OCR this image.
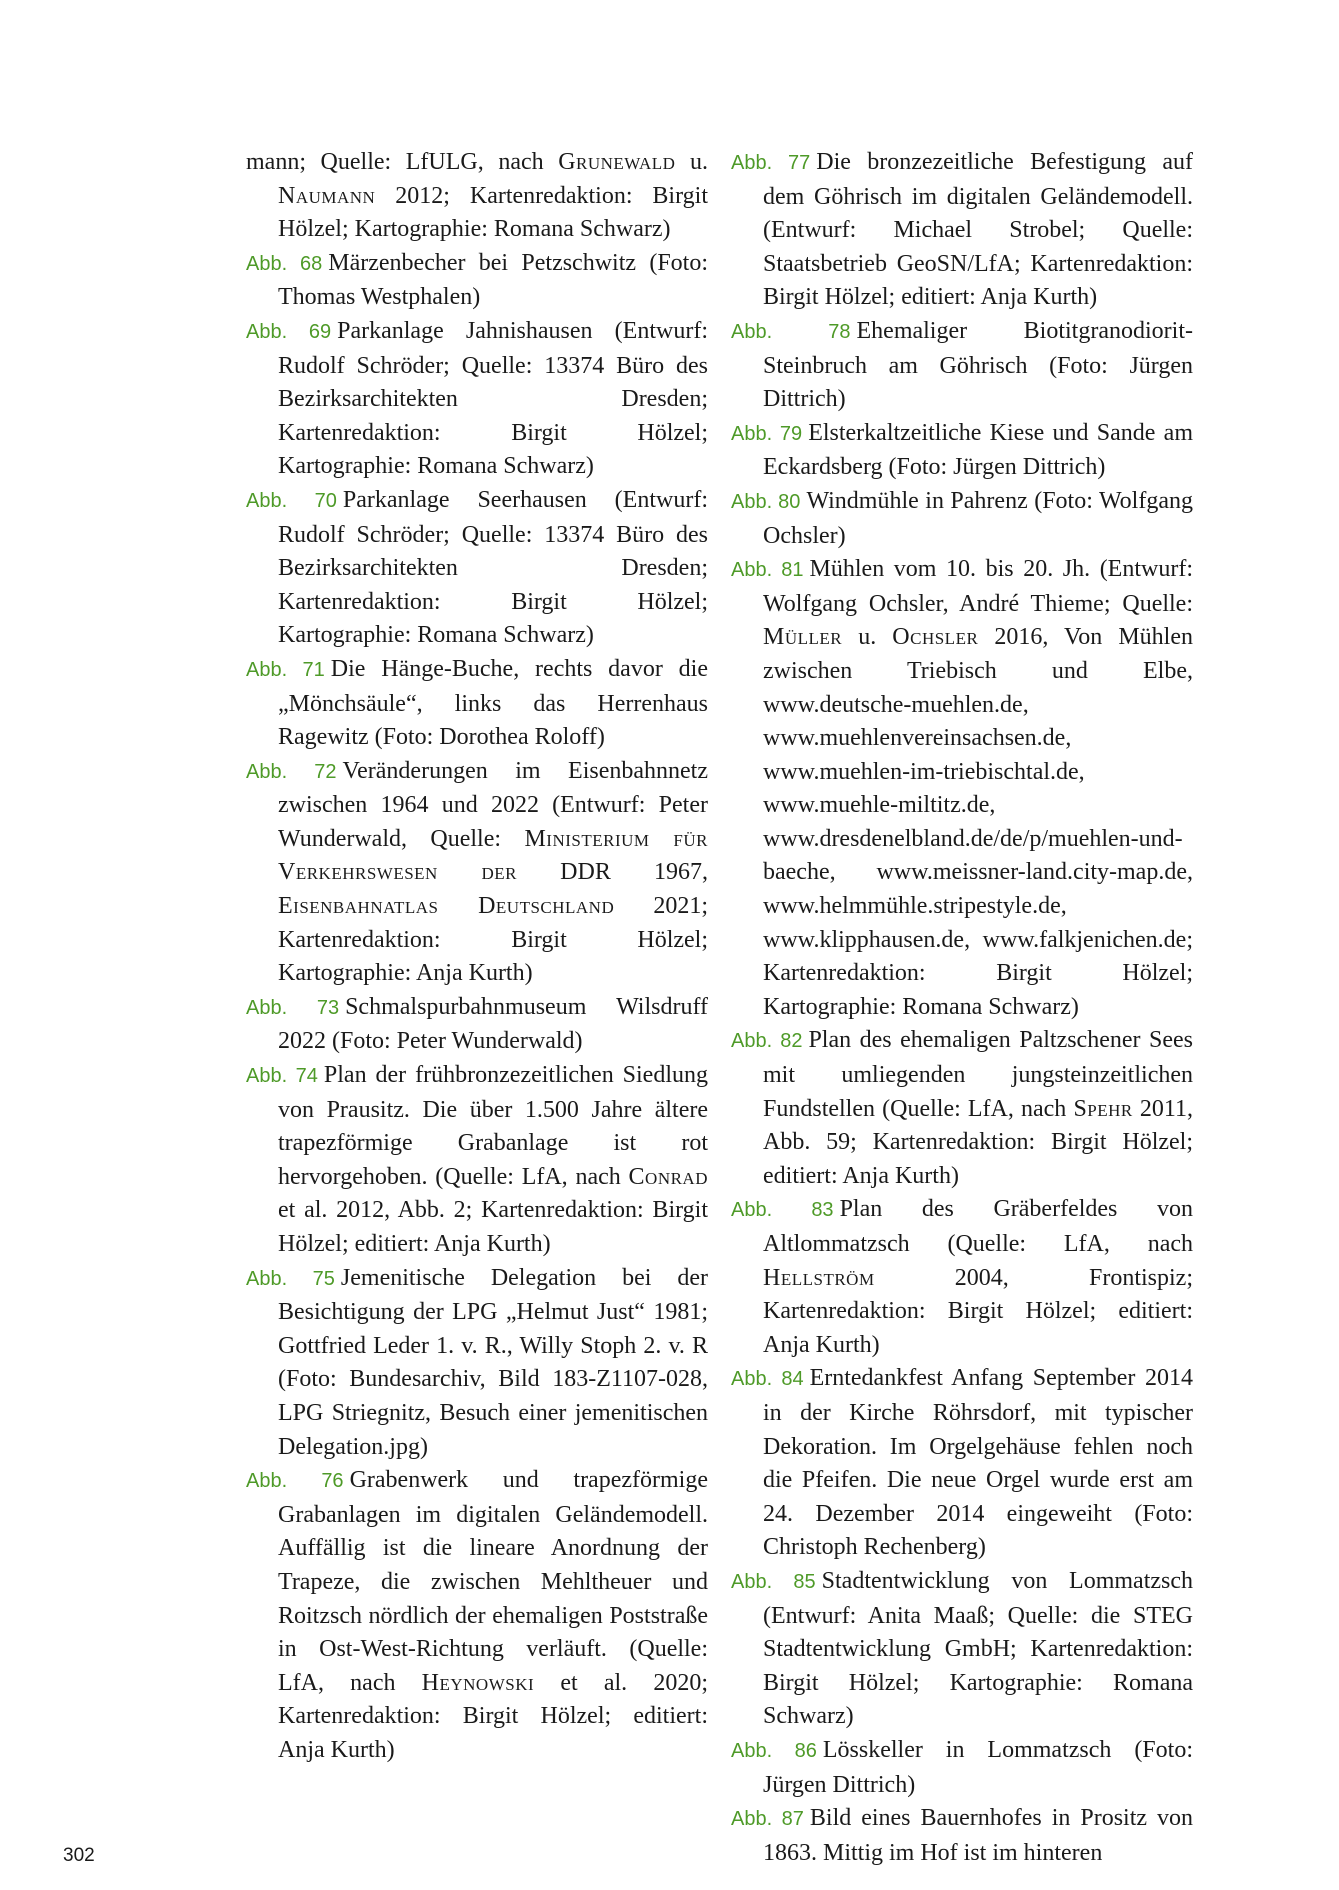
mann; Quelle: LfULG, nach Grunewald u. Naumann 2012; Kartenredaktion: Birgit Hölzel; Kartographie: Romana Schwarz)

Abb. 68 Märzenbecher bei Petzschwitz (Foto: Thomas Westphalen)

Abb. 69 Parkanlage Jahnishausen (Entwurf: Rudolf Schröder; Quelle: 13374 Büro des Bezirksarchitekten Dresden; Kartenredaktion: Birgit Hölzel; Kartographie: Romana Schwarz)

Abb. 70 Parkanlage Seerhausen (Entwurf: Rudolf Schröder; Quelle: 13374 Büro des Bezirksarchitekten Dresden; Kartenredaktion: Birgit Hölzel; Kartographie: Romana Schwarz)

Abb. 71 Die Hänge-Buche, rechts davor die „Mönchsäule“, links das Herrenhaus Ragewitz (Foto: Dorothea Roloff)

Abb. 72 Veränderungen im Eisenbahnnetz zwischen 1964 und 2022 (Entwurf: Peter Wunderwald, Quelle: Ministerium für Verkehrswesen der DDR 1967, Eisenbahnatlas Deutschland 2021; Kartenredaktion: Birgit Hölzel; Kartographie: Anja Kurth)

Abb. 73 Schmalspurbahnmuseum Wilsdruff 2022 (Foto: Peter Wunderwald)

Abb. 74 Plan der frühbronzezeitlichen Siedlung von Prausitz. Die über 1.500 Jahre ältere trapezförmige Grabanlage ist rot hervorgehoben. (Quelle: LfA, nach Conrad et al. 2012, Abb. 2; Kartenredaktion: Birgit Hölzel; editiert: Anja Kurth)

Abb. 75 Jemenitische Delegation bei der Besichtigung der LPG „Helmut Just“ 1981; Gottfried Leder 1. v. R., Willy Stoph 2. v. R (Foto: Bundesarchiv, Bild 183-Z1107-028, LPG Striegnitz, Besuch einer jemenitischen Delegation.jpg)

Abb. 76 Grabenwerk und trapezförmige Grabanlagen im digitalen Geländemodell. Auffällig ist die lineare Anordnung der Trapeze, die zwischen Mehltheuer und Roitzsch nördlich der ehemaligen Poststraße in Ost-West-Richtung verläuft. (Quelle: LfA, nach Heynowski et al. 2020; Kartenredaktion: Birgit Hölzel; editiert: Anja Kurth)

Abb. 77 Die bronzezeitliche Befestigung auf dem Göhrisch im digitalen Geländemodell. (Entwurf: Michael Strobel; Quelle: Staatsbetrieb GeoSN/LfA; Kartenredaktion: Birgit Hölzel; editiert: Anja Kurth)

Abb. 78 Ehemaliger Biotitgranodiorit-Steinbruch am Göhrisch (Foto: Jürgen Dittrich)

Abb. 79 Elsterkaltzeitliche Kiese und Sande am Eckardsberg (Foto: Jürgen Dittrich)

Abb. 80 Windmühle in Pahrenz (Foto: Wolfgang Ochsler)

Abb. 81 Mühlen vom 10. bis 20. Jh. (Entwurf: Wolfgang Ochsler, André Thieme; Quelle: Müller u. Ochsler 2016, Von Mühlen zwischen Triebisch und Elbe, www.deutsche-muehlen.de, www.muehlenvereinsachsen.de, www.muehlen-im-triebischtal.de, www.muehle-miltitz.de, www.dresdenelbland.de/de/p/muehlen-und-baeche, www.meissner-land.city-map.de, www.helmmühle.stripestyle.de, www.klipphausen.de, www.falkjenichen.de; Kartenredaktion: Birgit Hölzel; Kartographie: Romana Schwarz)

Abb. 82 Plan des ehemaligen Paltzschener Sees mit umliegenden jungsteinzeitlichen Fundstellen (Quelle: LfA, nach Spehr 2011, Abb. 59; Kartenredaktion: Birgit Hölzel; editiert: Anja Kurth)

Abb. 83 Plan des Gräberfeldes von Altlommatzsch (Quelle: LfA, nach Hellström 2004, Frontispiz; Kartenredaktion: Birgit Hölzel; editiert: Anja Kurth)

Abb. 84 Erntedankfest Anfang September 2014 in der Kirche Röhrsdorf, mit typischer Dekoration. Im Orgelgehäuse fehlen noch die Pfeifen. Die neue Orgel wurde erst am 24. Dezember 2014 eingeweiht (Foto: Christoph Rechenberg)

Abb. 85 Stadtentwicklung von Lommatzsch (Entwurf: Anita Maaß; Quelle: die STEG Stadtentwicklung GmbH; Kartenredaktion: Birgit Hölzel; Kartographie: Romana Schwarz)

Abb. 86 Lösskeller in Lommatzsch (Foto: Jürgen Dittrich)

Abb. 87 Bild eines Bauernhofes in Prositz von 1863. Mittig im Hof ist im hinteren

302
